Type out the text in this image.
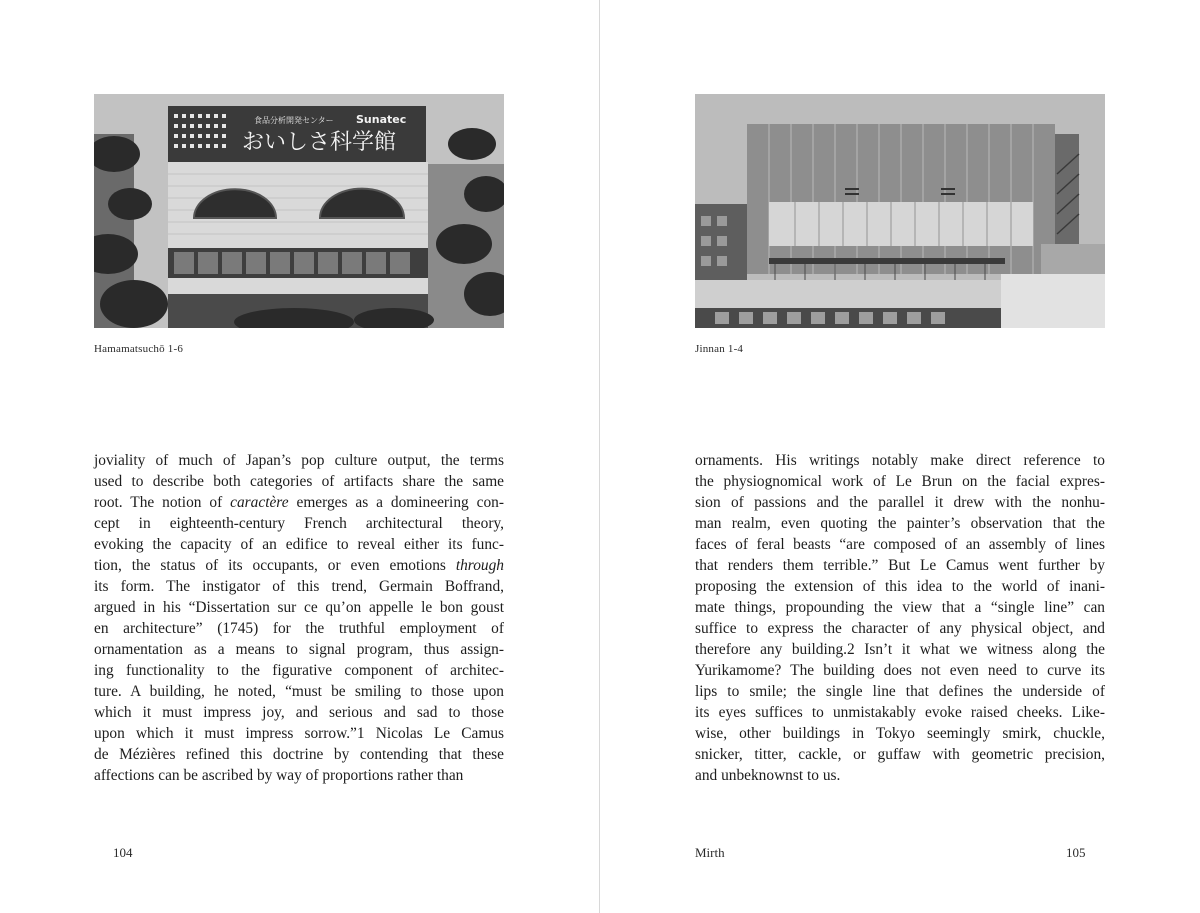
食品分析開発センター Sunatec
おいしさ科学館
Hamamatsuchō 1-6
joviality of much of Japan’s pop culture output, the terms
used to describe both categories of artifacts share the same
root. The notion of caractère emerges as a domineering con-
cept in eighteenth-century French architectural theory,
evoking the capacity of an edifice to reveal either its func-
tion, the status of its occupants, or even emotions through
its form. The instigator of this trend, Germain Boffrand,
argued in his “Dissertation sur ce qu’on appelle le bon goust
en architecture” (1745) for the truthful employment of
ornamentation as a means to signal program, thus assign-
ing functionality to the figurative component of architec-
ture. A building, he noted, “must be smiling to those upon
which it must impress joy, and serious and sad to those
upon which it must impress sorrow.”1 Nicolas Le Camus
de Mézières refined this doctrine by contending that these
affections can be ascribed by way of proportions rather than
104
Jinnan 1-4
ornaments. His writings notably make direct reference to
the physiognomical work of Le Brun on the facial expres-
sion of passions and the parallel it drew with the nonhu-
man realm, even quoting the painter’s observation that the
faces of feral beasts “are composed of an assembly of lines
that renders them terrible.” But Le Camus went further by
proposing the extension of this idea to the world of inani-
mate things, propounding the view that a “single line” can
suffice to express the character of any physical object, and
therefore any building.2 Isn’t it what we witness along the
Yurikamome? The building does not even need to curve its
lips to smile; the single line that defines the underside of
its eyes suffices to unmistakably evoke raised cheeks. Like-
wise, other buildings in Tokyo seemingly smirk, chuckle,
snicker, titter, cackle, or guffaw with geometric precision,
and unbeknownst to us.
Mirth	105
